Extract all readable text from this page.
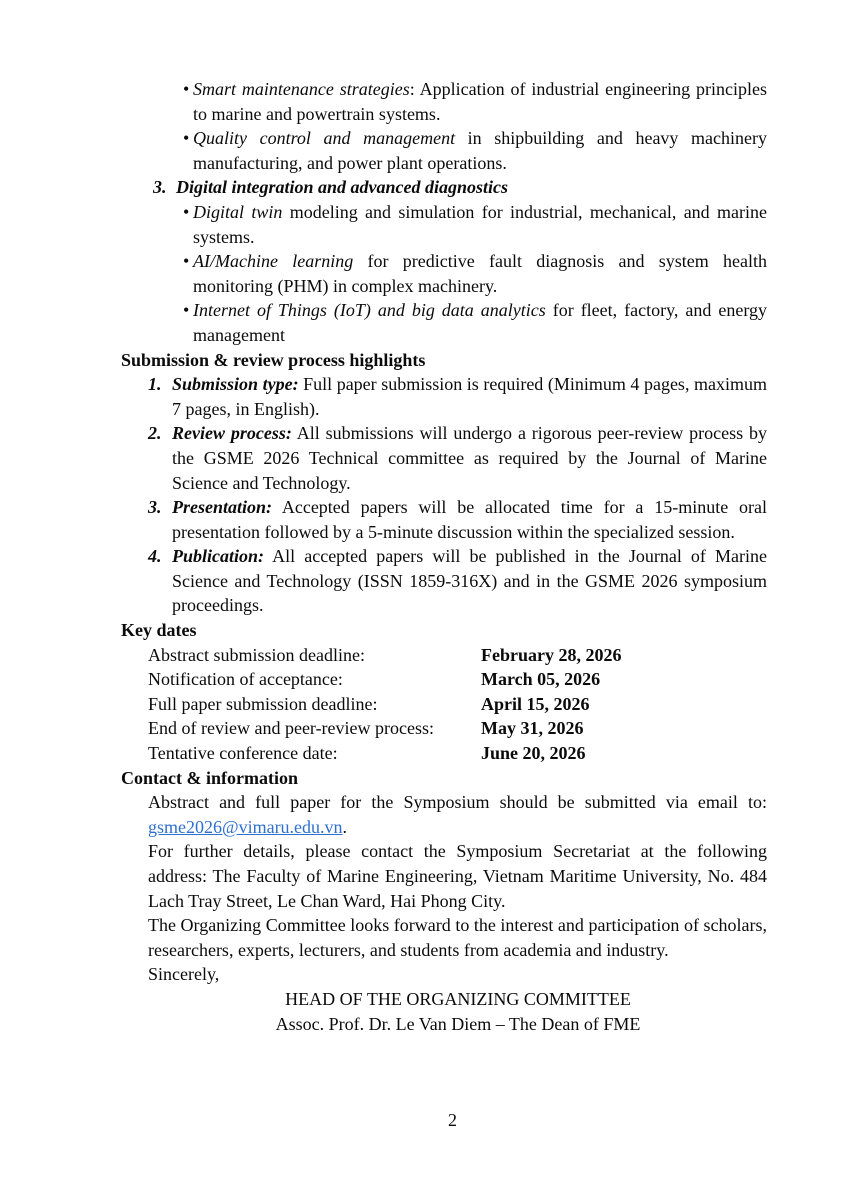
• Smart maintenance strategies: Application of industrial engineering principles to marine and powertrain systems.

• Quality control and management in shipbuilding and heavy machinery manufacturing, and power plant operations.

3. Digital integration and advanced diagnostics

• Digital twin modeling and simulation for industrial, mechanical, and marine systems.

• AI/Machine learning for predictive fault diagnosis and system health monitoring (PHM) in complex machinery.

• Internet of Things (IoT) and big data analytics for fleet, factory, and energy management

Submission & review process highlights

1. Submission type: Full paper submission is required (Minimum 4 pages, maximum 7 pages, in English).

2. Review process: All submissions will undergo a rigorous peer-review process by the GSME 2026 Technical committee as required by the Journal of Marine Science and Technology.

3. Presentation: Accepted papers will be allocated time for a 15-minute oral presentation followed by a 5-minute discussion within the specialized session.

4. Publication: All accepted papers will be published in the Journal of Marine Science and Technology (ISSN 1859-316X) and in the GSME 2026 symposium proceedings.

Key dates

Abstract submission deadline:	February 28, 2026
Notification of acceptance:	March 05, 2026
Full paper submission deadline:	April 15, 2026
End of review and peer-review process:	May 31, 2026
Tentative conference date:	June 20, 2026

Contact & information

Abstract and full paper for the Symposium should be submitted via email to: gsme2026@vimaru.edu.vn.

For further details, please contact the Symposium Secretariat at the following address: The Faculty of Marine Engineering, Vietnam Maritime University, No. 484 Lach Tray Street, Le Chan Ward, Hai Phong City.

The Organizing Committee looks forward to the interest and participation of scholars, researchers, experts, lecturers, and students from academia and industry.

Sincerely,

HEAD OF THE ORGANIZING COMMITTEE

Assoc. Prof. Dr. Le Van Diem – The Dean of FME

2
